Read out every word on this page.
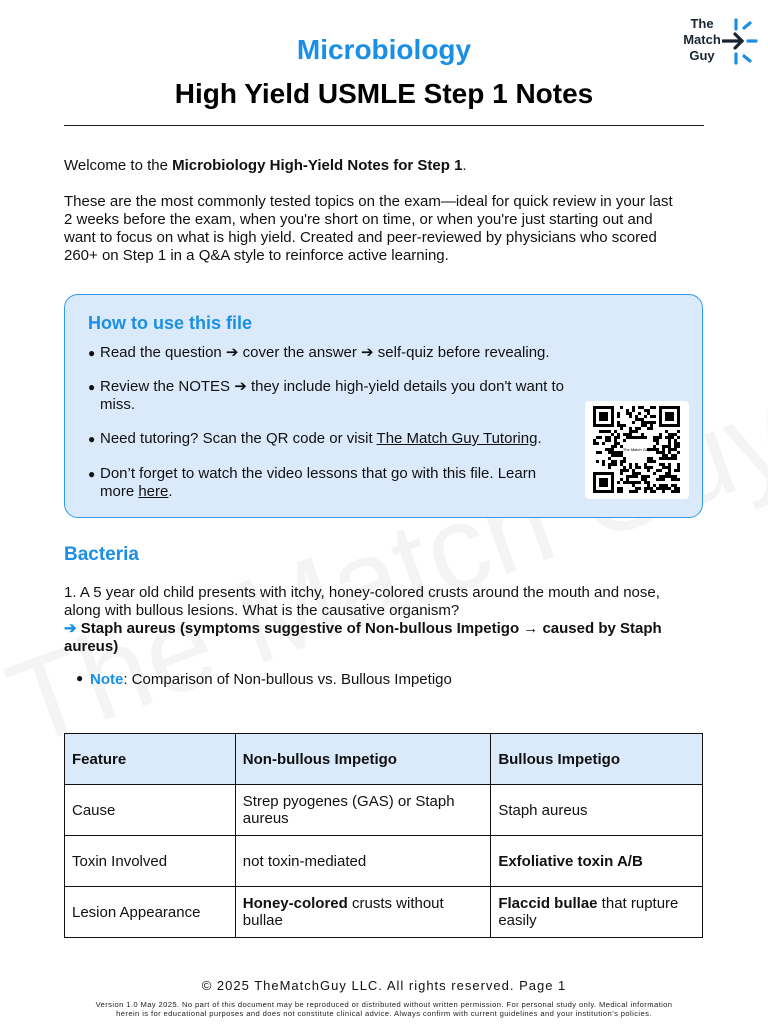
The
Match
Guy
Microbiology
High Yield USMLE Step 1 Notes
Welcome to the Microbiology High-Yield Notes for Step 1.
These are the most commonly tested topics on the exam—ideal for quick review in your last
2 weeks before the exam, when you're short on time, or when you're just starting out and
want to focus on what is high yield. Created and peer-reviewed by physicians who scored
260+ on Step 1 in a Q&A style to reinforce active learning.
How to use this file
● Read the question ➔ cover the answer ➔ self-quiz before revealing.
● Review the NOTES ➔ they include high-yield details you don't want to
miss.
● Need tutoring? Scan the QR code or visit The Match Guy Tutoring.
● Don’t forget to watch the video lessons that go with this file. Learn
more here.
The Match Guy
Bacteria
1. A 5 year old child presents with itchy, honey-colored crusts around the mouth and nose,
along with bullous lesions. What is the causative organism?
➔ Staph aureus (symptoms suggestive of Non-bullous Impetigo → caused by Staph
aureus)
● Note: Comparison of Non-bullous vs. Bullous Impetigo
Feature	Non-bullous Impetigo	Bullous Impetigo
Cause	Strep pyogenes (GAS) or Staph aureus	Staph aureus
Toxin Involved	not toxin-mediated	Exfoliative toxin A/B
Lesion Appearance	Honey-colored crusts without bullae	Flaccid bullae that rupture easily
© 2025 TheMatchGuy LLC. All rights reserved. Page 1
Version 1.0 May 2025. No part of this document may be reproduced or distributed without written permission. For personal study only. Medical information
herein is for educational purposes and does not constitute clinical advice. Always confirm with current guidelines and your institution’s policies.
